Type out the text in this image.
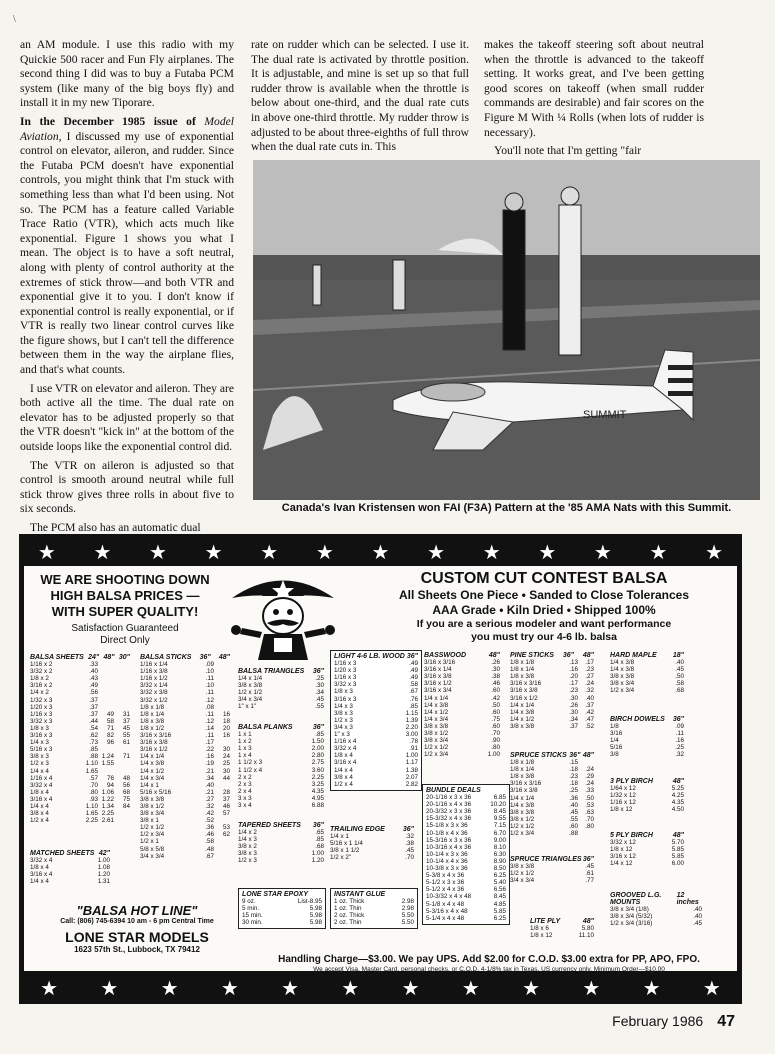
\

an AM module. I use this radio with my Quickie 500 racer and Fun Fly airplanes. The second thing I did was to buy a Futaba PCM system (like many of the big boys fly) and install it in my new Tiporare.

In the December 1985 issue of Model Aviation, I discussed my use of exponential control on elevator, aileron, and rudder. Since the Futaba PCM doesn't have exponential controls, you might think that I'm stuck with something less than what I'd been using. Not so. The PCM has a feature called Variable Trace Ratio (VTR), which acts much like exponential. Figure 1 shows you what I mean. The object is to have a soft neutral, along with plenty of control authority at the extremes of stick throw—and both VTR and exponential give it to you. I don't know if exponential control is really exponential, or if VTR is really two linear control curves like the figure shows, but I can't tell the difference between them in the way the airplane flies, and that's what counts.

I use VTR on elevator and aileron. They are both active all the time. The dual rate on elevator has to be adjusted properly so that the VTR doesn't "kick in" at the bottom of the outside loops like the exponential control did.

The VTR on aileron is adjusted so that control is smooth around neutral while full stick throw gives three rolls in about five to six seconds.

The PCM also has an automatic dual

rate on rudder which can be selected. I use it. The dual rate is activated by throttle position. It is adjustable, and mine is set up so that full rudder throw is available when the throttle is below about one-third, and the dual rate cuts in above one-third throttle. My rudder throw is adjusted to be about three-eighths of full throw when the dual rate cuts in. This

makes the takeoff steering soft about neutral when the throttle is advanced to the takeoff setting. It works great, and I've been getting good scores on takeoff (when small rudder commands are desirable) and fair scores on the Figure M With ¼ Rolls (when lots of rudder is necessary).

You'll note that I'm getting "fair

SUMMIT
Canada's Ivan Kristensen won FAI (F3A) Pattern at the '85 AMA Nats with this Summit.
★ ★ ★ ★ ★ ★ ★ ★ ★ ★ ★ ★ ★
WE ARE SHOOTING DOWN
HIGH BALSA PRICES —
WITH SUPER QUALITY!
Satisfaction Guaranteed
Direct Only
CUSTOM CUT CONTEST BALSA
All Sheets One Piece • Sanded to Close Tolerances
AAA Grade • Kiln Dried • Shipped 100%
If you are a serious modeler and want performance
you must try our 4-6 lb. balsa
BALSA SHEETS 24" 48" 30"
1/16 x 2	.33
3/32 x 2	.40
1/8 x 2	.43
3/16 x 2	.49
1/4 x 2	.56
1/32 x 3	.37
1/20 x 3	.37
1/16 x 3	.37	49	31
3/32 x 3	.44	58	37
1/8 x 3	.54	71	45
3/16 x 3	.62	82	55
1/4 x 3	.73	96	61
5/16 x 3	.85
3/8 x 3	.88 1.24	71
1/2 x 3	1.10 1.55
1/4 x 4	1.65
1/16 x 4	.57	76	48
3/32 x 4	.70	94	56
1/8 x 4	.80 1.06	68
3/16 x 4	.93 1.22	75
1/4 x 4	1.10 1.34	84
3/8 x 4	1.65 2.25
1/2 x 4	2.25 2.61
MATCHED SHEETS 42"
3/32 x 4	1.00
1/8 x 4	1.08
3/16 x 4	1.20
1/4 x 4	1.31
BALSA STICKS 36" 48"
1/16 x 1/4	.09
1/16 x 3/8	.10
1/16 x 1/2	.11
3/32 x 1/4	.10
3/32 x 3/8	.11
3/32 x 1/2	.12
1/8 x 1/8	.08
1/8 x 1/4	.11	16
1/8 x 3/8	.12	18
1/8 x 1/2	.14	20
3/16 x 3/16	.11	16
3/16 x 3/8	.17
3/16 x 1/2	.22	30
1/4 x 1/4	.16	24
1/4 x 3/8	.19	25
1/4 x 1/2	.21	30
1/4 x 3/4	.34	44
1/4 x 1	.40
5/16 x 5/16	.21	28
3/8 x 3/8	.27	37
3/8 x 1/2	.32	46
3/8 x 3/4	.42	57
3/8 x 1	.52
1/2 x 1/2	.36	53
1/2 x 3/4	.46	62
1/2 x 1	.58
5/8 x 5/8	.48
3/4 x 3/4	.67
BALSA TRIANGLES 36"
1/4 x 1/4	.25
3/8 x 3/8	.30
1/2 x 1/2	.34
3/4 x 3/4	.45
1" x 1"	.55
BALSA PLANKS	36"
1 x 1	.85
1 x 2	1.50
1 x 3	2.00
1 x 4	2.80
1 1/2 x 3	2.75
1 1/2 x 4	3.60
2 x 2	2.25
2 x 3	3.25
2 x 4	4.35
3 x 3	4.95
3 x 4	6.88
TAPERED SHEETS 36"
1/4 x 2	.65
1/4 x 3	.85
3/8 x 2	.68
3/8 x 3	1.00
1/2 x 3	1.20
LONE STAR EPOXY
9 oz.	List-8.95
5 min.	5.98
15 min.	5.98
30 min.	5.98
LIGHT 4-6 LB. WOOD 36"
1/16 x 3	.49
1/20 x 3	.49
1/16 x 3	.49
3/32 x 3	.58
1/8 x 3	.67
3/16 x 3	.76
1/4 x 3	.85
3/8 x 3	1.15
1/2 x 3	1.39
3/4 x 3	2.20
1" x 3	3.00
1/16 x 4	.78
3/32 x 4	.91
1/8 x 4	1.00
3/16 x 4	1.17
1/4 x 4	1.38
3/8 x 4	2.07
1/2 x 4	2.82
TRAILING EDGE	36"
1/4 x 1	.32
5/16 x 1 1/4	.38
3/8 x 1 1/2	.45
1/2 x 2"	.70
INSTANT GLUE
1 oz. Thick	2.98
1 oz. Thin	2.98
2 oz. Thick	5.50
2 oz. Thin	5.50
BASSWOOD	48"
3/16 x 3/16	.26
3/16 x 1/4	.30
3/16 x 3/8	.38
3/16 x 1/2	.46
3/16 x 3/4	.60
1/4 x 1/4	.42
1/4 x 3/8	.50
1/4 x 1/2	.60
1/4 x 3/4	.75
3/8 x 3/8	.60
3/8 x 1/2	.70
3/8 x 3/4	.90
1/2 x 1/2	.80
1/2 x 3/4	1.00
BUNDLE DEALS
20-1/16 x 3 x 36	6.85
20-1/16 x 4 x 36	10.20
20-3/32 x 3 x 36	8.45
15-3/32 x 4 x 36	9.55
15-1/8 x 3 x 36	7.15
10-1/8 x 4 x 36	6.70
15-3/16 x 3 x 36	9.00
10-3/16 x 4 x 36	8.10
10-1/4 x 3 x 36	6.30
10-1/4 x 4 x 36	8.90
10-3/8 x 3 x 36	8.50
5-3/8 x 4 x 36	6.25
5-1/2 x 3 x 36	5.40
5-1/2 x 4 x 36	6.56
10-3/32 x 4 x 48	8.45
5-1/8 x 4 x 48	4.85
5-3/16 x 4 x 48	5.85
5-1/4 x 4 x 48	6.25
PINE STICKS 36" 48"
1/8 x 1/8	.13	.17
1/8 x 1/4	.16	.23
1/8 x 3/8	.20	.27
3/16 x 3/16	.17	.24
3/16 x 3/8	.23	.32
3/16 x 1/2	.30	.40
1/4 x 1/4	.26	.37
1/4 x 3/8	.30	.42
1/4 x 1/2	.34	.47
3/8 x 3/8	.37	.52
SPRUCE STICKS 36" 48"
1/8 x 1/8	.15
1/8 x 1/4	.18	.24
1/8 x 3/8	.23	.29
3/16 x 3/16	.18	.24
3/16 x 3/8	.25	.33
1/4 x 1/4	.36	.50
1/4 x 3/8	.40	.53
3/8 x 3/8	.45	.63
3/8 x 1/2	.55	.70
1/2 x 1/2	.60	.80
1/2 x 3/4	.88
SPRUCE TRIANGLES 36"
3/8 x 3/8	.45
1/2 x 1/2	.61
3/4 x 3/4	.77
LITE PLY	48"
1/8 x 6	5.80
1/8 x 12	11.10
HARD MAPLE 18"
1/4 x 3/8	.40
1/4 x 3/8	.45
3/8 x 3/8	.50
3/8 x 3/4	.58
1/2 x 3/4	.68
BIRCH DOWELS 36"
1/8	.09
3/16	.11
1/4	.16
5/16	.25
3/8	.32
3 PLY BIRCH	48"
1/64 x 12	5.25
1/32 x 12	4.25
1/16 x 12	4.35
1/8 x 12	4.50
5 PLY BIRCH	48"
3/32 x 12	5.70
1/8 x 12	5.85
3/16 x 12	5.85
1/4 x 12	6.00
GROOVED L.G. MOUNTS
12 inches
3/8 x 3/4 (1/8)	.40
3/8 x 3/4 (5/32)	.40
1/2 x 3/4 (3/16)	.45
"BALSA HOT LINE"
Call: (806) 745-6394 10 am - 6 pm Central Time
LONE STAR MODELS
1623 57th St., Lubbock, TX 79412
Handling Charge—$3.00. We pay UPS. Add $2.00 for C.O.D. $3.00 extra for PP, APO, FPO.
We accept Visa, Master Card, personal checks, or C.O.D. 4-1/8% tax in Texas. US currency only. Minimum Order—$10.00
★ ★ ★ ★ ★ ★ ★ ★ ★ ★ ★ ★
February 1986 47
